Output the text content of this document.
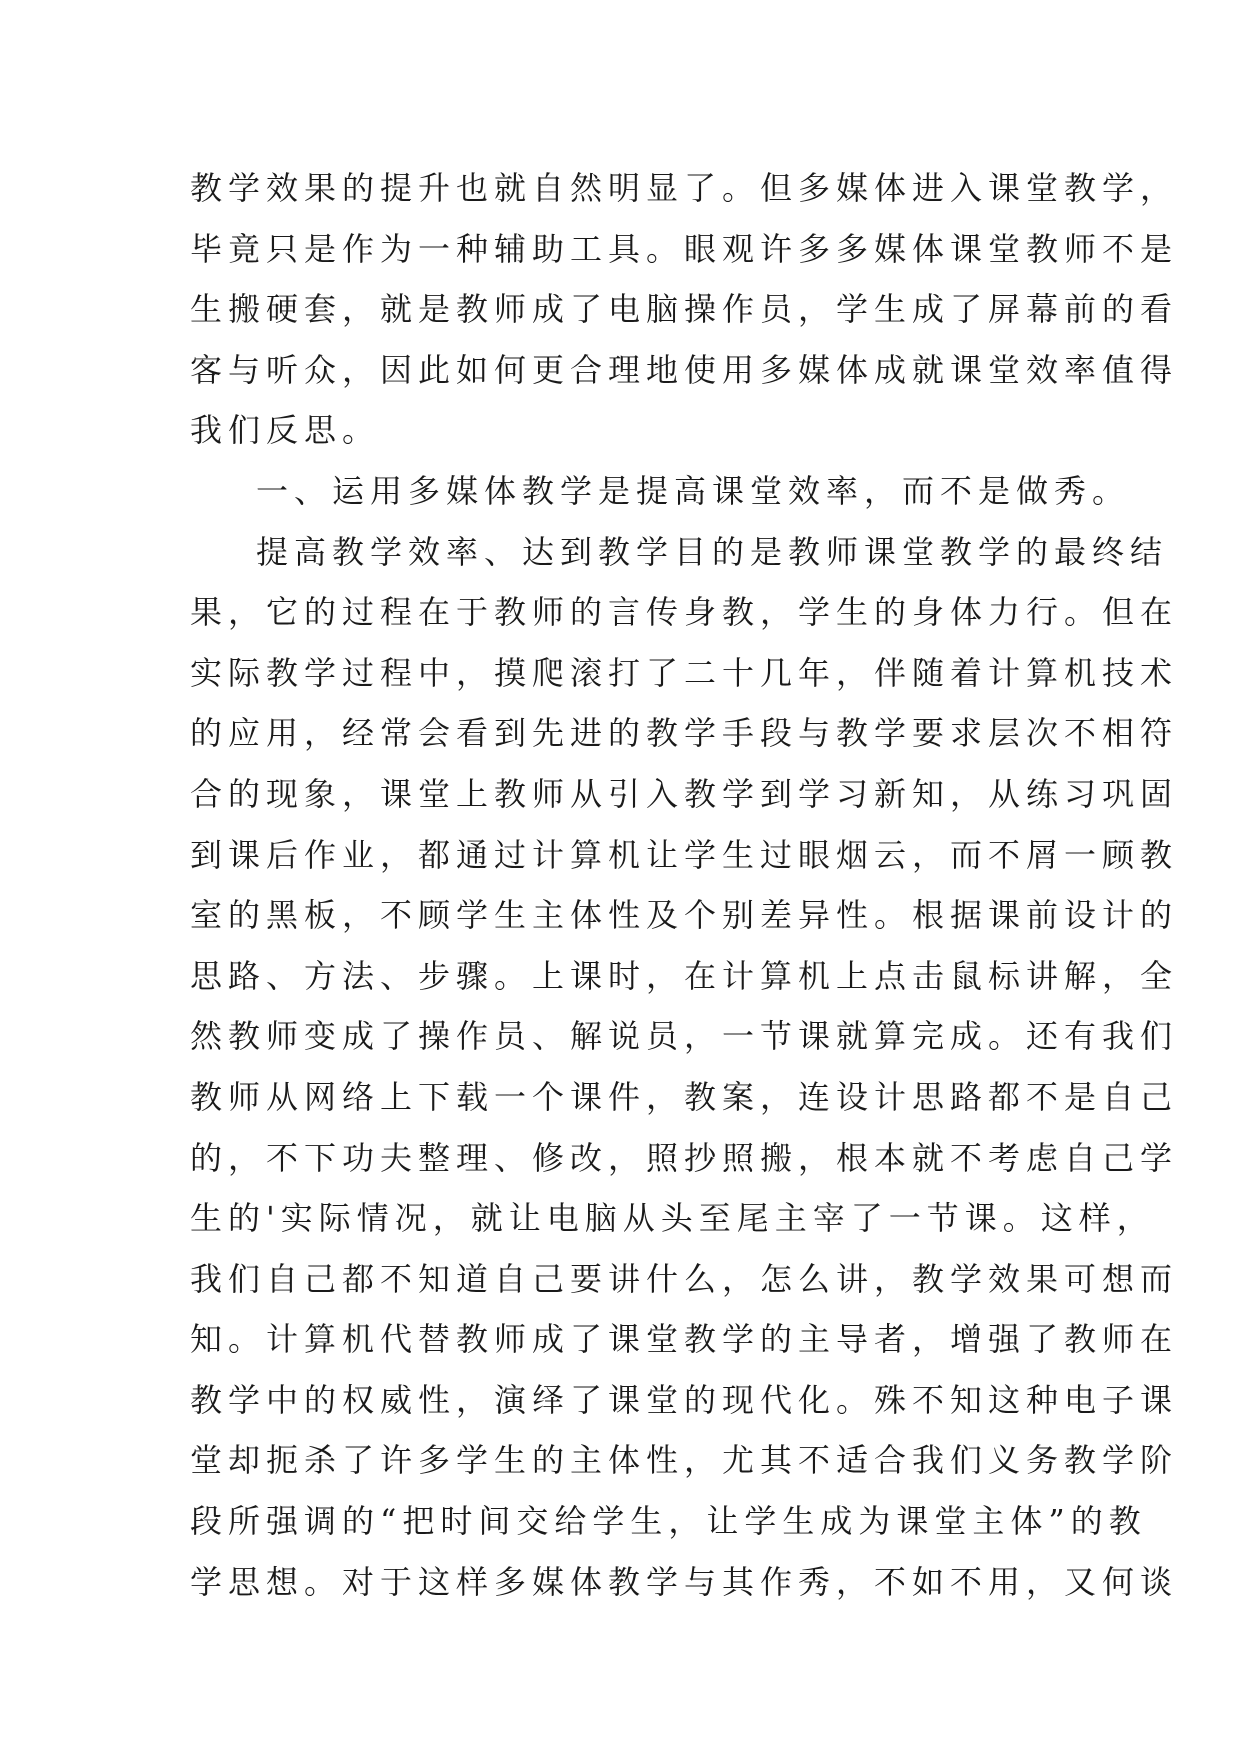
教学效果的提升也就自然明显了。但多媒体进入课堂教学，
毕竟只是作为一种辅助工具。眼观许多多媒体课堂教师不是
生搬硬套，就是教师成了电脑操作员，学生成了屏幕前的看
客与听众，因此如何更合理地使用多媒体成就课堂效率值得
我们反思。
一、运用多媒体教学是提高课堂效率，而不是做秀。
提高教学效率、达到教学目的是教师课堂教学的最终结
果，它的过程在于教师的言传身教，学生的身体力行。但在
实际教学过程中，摸爬滚打了二十几年，伴随着计算机技术
的应用，经常会看到先进的教学手段与教学要求层次不相符
合的现象，课堂上教师从引入教学到学习新知，从练习巩固
到课后作业，都通过计算机让学生过眼烟云，而不屑一顾教
室的黑板，不顾学生主体性及个别差异性。根据课前设计的
思路、方法、步骤。上课时，在计算机上点击鼠标讲解，全
然教师变成了操作员、解说员，一节课就算完成。还有我们
教师从网络上下载一个课件，教案，连设计思路都不是自己
的，不下功夫整理、修改，照抄照搬，根本就不考虑自己学
生的'实际情况，就让电脑从头至尾主宰了一节课。这样，
我们自己都不知道自己要讲什么，怎么讲，教学效果可想而
知。计算机代替教师成了课堂教学的主导者，增强了教师在
教学中的权威性，演绎了课堂的现代化。殊不知这种电子课
堂却扼杀了许多学生的主体性，尤其不适合我们义务教学阶
段所强调的“把时间交给学生，让学生成为课堂主体”的教
学思想。对于这样多媒体教学与其作秀，不如不用，又何谈
